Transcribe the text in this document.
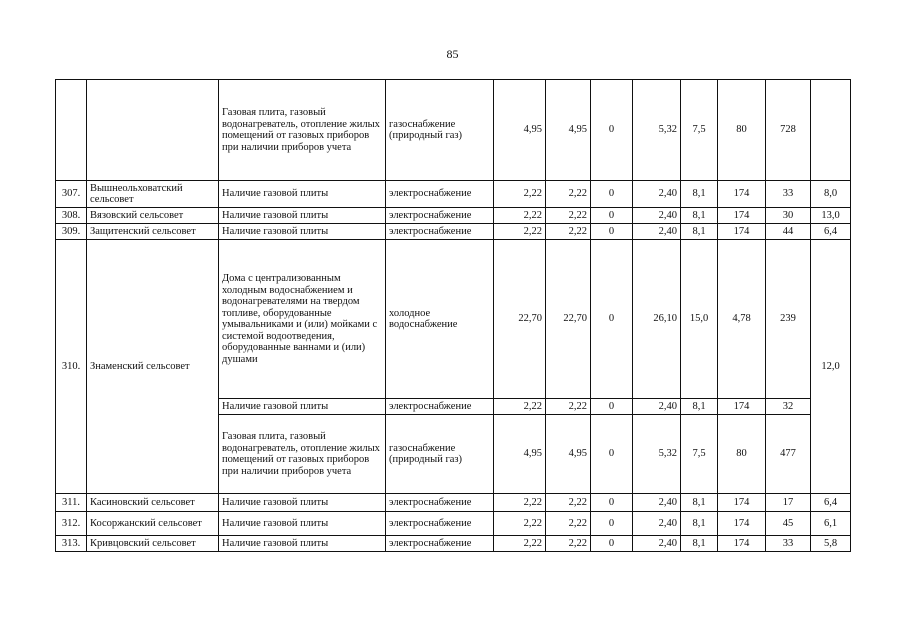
85
		Газовая плита, газовый водонагреватель, отопление жилых помещений от газовых приборов при наличии приборов учета	газоснабжение (природный газ)	4,95	4,95	0	5,32	7,5	80	728	
307.	Вышнеольховатский сельсовет	Наличие газовой плиты	электроснабжение	2,22	2,22	0	2,40	8,1	174	33	8,0
308.	Вязовский сельсовет	Наличие газовой плиты	электроснабжение	2,22	2,22	0	2,40	8,1	174	30	13,0
309.	Защитенский сельсовет	Наличие газовой плиты	электроснабжение	2,22	2,22	0	2,40	8,1	174	44	6,4
310.	Знаменский сельсовет	Дома с централизованным холодным водоснабжением и водонагревателями на твердом топливе, оборудованные умывальниками и (или) мойками с системой водоотведения, оборудованные ваннами и (или) душами	холодное водоснабжение	22,70	22,70	0	26,10	15,0	4,78	239	12,0
		Наличие газовой плиты	электроснабжение	2,22	2,22	0	2,40	8,1	174	32	
		Газовая плита, газовый водонагреватель, отопление жилых помещений от газовых приборов при наличии приборов учета	газоснабжение (природный газ)	4,95	4,95	0	5,32	7,5	80	477	
311.	Касиновский сельсовет	Наличие газовой плиты	электроснабжение	2,22	2,22	0	2,40	8,1	174	17	6,4
312.	Косоржанский сельсовет	Наличие газовой плиты	электроснабжение	2,22	2,22	0	2,40	8,1	174	45	6,1
313.	Кривцовский сельсовет	Наличие газовой плиты	электроснабжение	2,22	2,22	0	2,40	8,1	174	33	5,8
